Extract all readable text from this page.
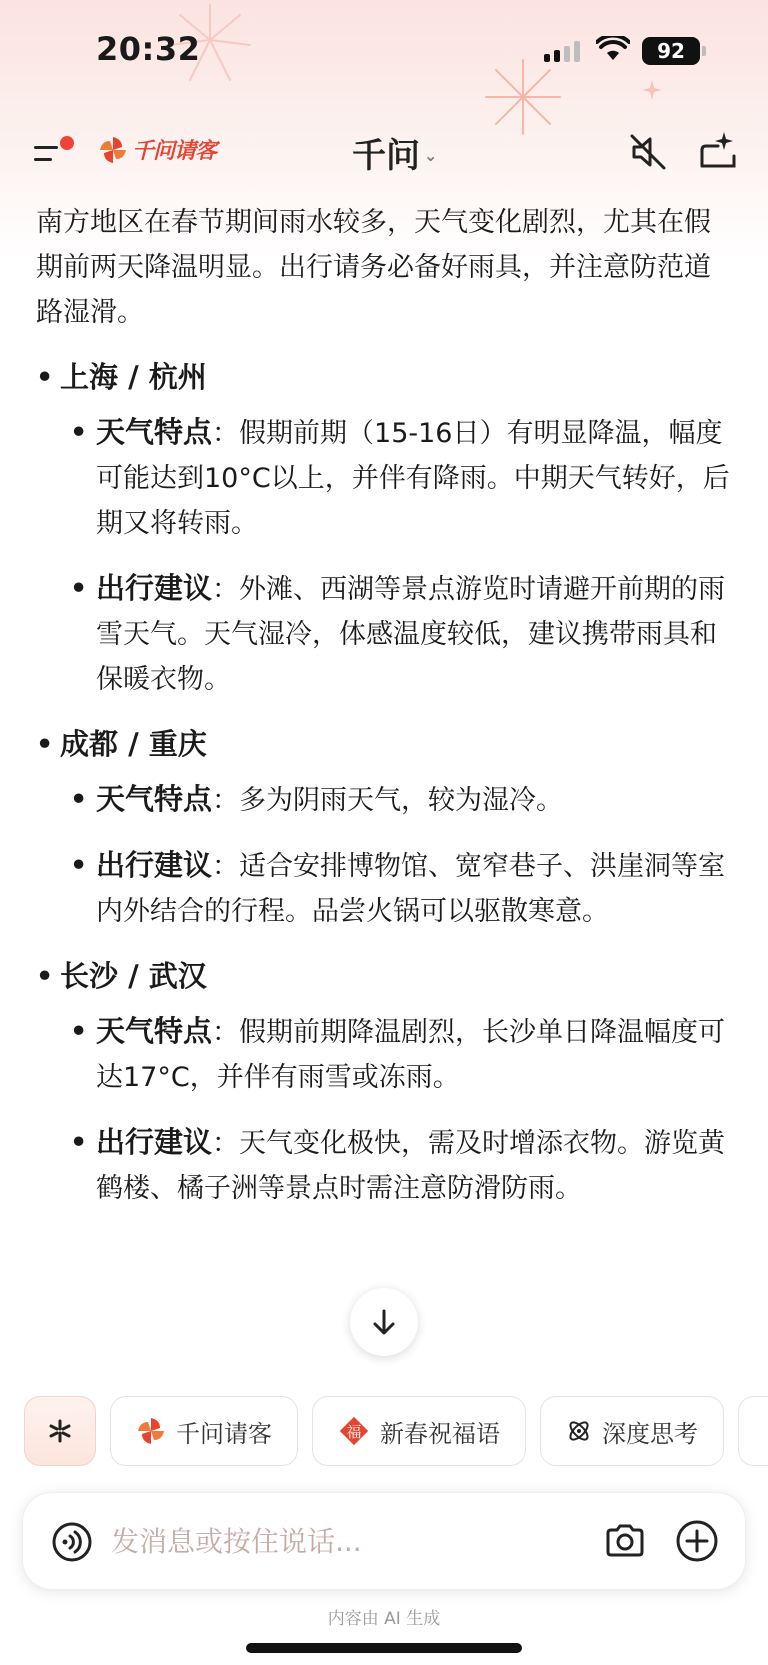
20:32	92
千问请客	千问 ⌄

南方地区在春节期间雨水较多，天气变化剧烈，尤其在假期前两天降温明显。出行请务必备好雨具，并注意防范道路湿滑。

• 上海 / 杭州
• 天气特点：假期前期（15-16日）有明显降温，幅度可能达到10°C以上，并伴有降雨。中期天气转好，后期又将转雨。
• 出行建议：外滩、西湖等景点游览时请避开前期的雨雪天气。天气湿冷，体感温度较低，建议携带雨具和保暖衣物。
• 成都 / 重庆
• 天气特点：多为阴雨天气，较为湿冷。
• 出行建议：适合安排博物馆、宽窄巷子、洪崖洞等室内外结合的行程。品尝火锅可以驱散寒意。
• 长沙 / 武汉
• 天气特点：假期前期降温剧烈，长沙单日降温幅度可达17°C，并伴有雨雪或冻雨。
• 出行建议：天气变化极快，需及时增添衣物。游览黄鹤楼、橘子洲等景点时需注意防滑防雨。
千问请客	福 新春祝福语	深度思考
发消息或按住说话...
内容由 AI 生成
